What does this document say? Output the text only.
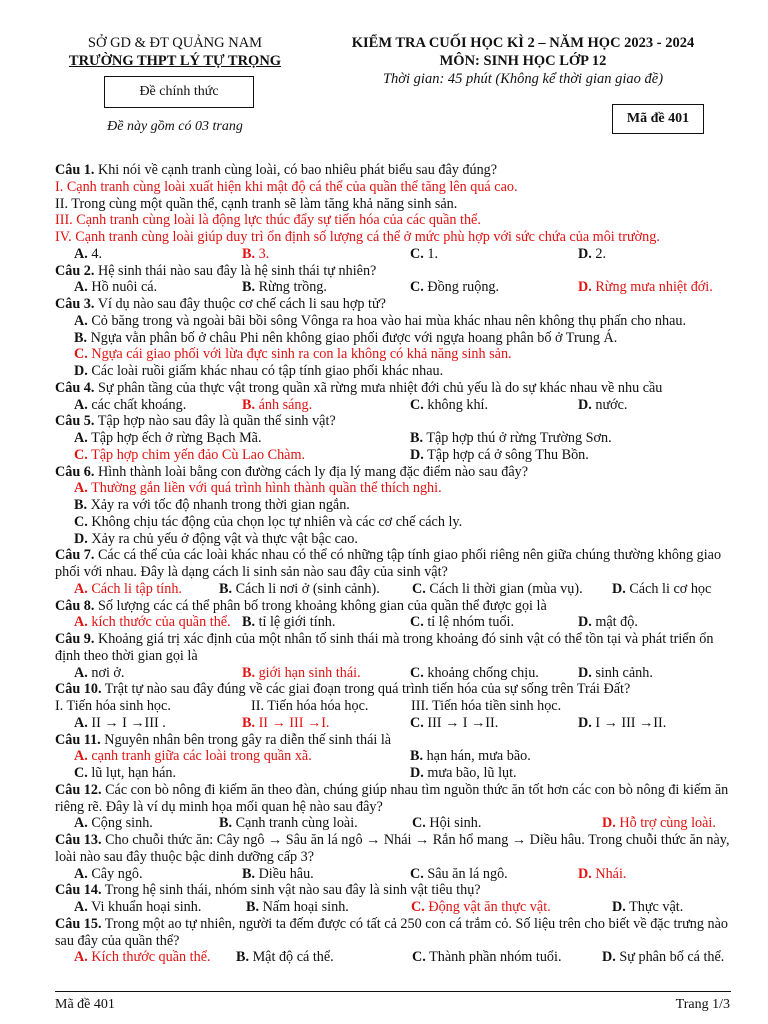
SỞ GD & ĐT QUẢNG NAM
TRƯỜNG THPT LÝ TỰ TRỌNG
Đề chính thức
Đề này gồm có 03 trang
KIỂM TRA CUỐI HỌC KÌ 2 – NĂM HỌC 2023 - 2024
MÔN: SINH HỌC LỚP 12
Thời gian: 45 phút (Không kể thời gian giao đề)
Mã đề 401
Câu 1. Khi nói về cạnh tranh cùng loài, có bao nhiêu phát biểu sau đây đúng?
I. Cạnh tranh cùng loài xuất hiện khi mật độ cá thể của quần thể tăng lên quá cao.
II. Trong cùng một quần thể, cạnh tranh sẽ làm tăng khả năng sinh sản.
III. Cạnh tranh cùng loài là động lực thúc đẩy sự tiến hóa của các quần thể.
IV. Cạnh tranh cùng loài giúp duy trì ổn định số lượng cá thể ở mức phù hợp với sức chứa của môi trường.
A. 4.	B. 3.	C. 1.	D. 2.
Câu 2. Hệ sinh thái nào sau đây là hệ sinh thái tự nhiên?
A. Hồ nuôi cá.	B. Rừng trồng.	C. Đồng ruộng.	D. Rừng mưa nhiệt đới.
Câu 3. Ví dụ nào sau đây thuộc cơ chế cách li sau hợp tử?
A. Cỏ băng trong và ngoài bãi bồi sông Vônga ra hoa vào hai mùa khác nhau nên không thụ phấn cho nhau.
B. Ngựa vằn phân bố ở châu Phi nên không giao phối được với ngựa hoang phân bố ở Trung Á.
C. Ngựa cái giao phối với lừa đực sinh ra con la không có khả năng sinh sản.
D. Các loài ruồi giấm khác nhau có tập tính giao phối khác nhau.
Câu 4. Sự phân tầng của thực vật trong quần xã rừng mưa nhiệt đới chủ yếu là do sự khác nhau về nhu cầu
A. các chất khoáng.	B. ánh sáng.	C. không khí.	D. nước.
Câu 5. Tập hợp nào sau đây là quần thể sinh vật?
A. Tập hợp ếch ở rừng Bạch Mã.	B. Tập hợp thú ở rừng Trường Sơn.
C. Tập hợp chim yến đảo Cù Lao Chàm.	D. Tập hợp cá ở sông Thu Bồn.
Câu 6. Hình thành loài bằng con đường cách ly địa lý mang đặc điểm nào sau đây?
A. Thường gắn liền với quá trình hình thành quần thể thích nghi.
B. Xảy ra với tốc độ nhanh trong thời gian ngắn.
C. Không chịu tác động của chọn lọc tự nhiên và các cơ chế cách ly.
D. Xảy ra chủ yếu ở động vật và thực vật bậc cao.
Câu 7. Các cá thể của các loài khác nhau có thể có những tập tính giao phối riêng nên giữa chúng thường không giao phối với nhau. Đây là dạng cách li sinh sản nào sau đây của sinh vật?
A. Cách li tập tính.	B. Cách li nơi ở (sinh cảnh).	C. Cách li thời gian (mùa vụ).	D. Cách li cơ học
Câu 8. Số lượng các cá thể phân bố trong khoảng không gian của quần thể được gọi là
A. kích thước của quần thể. B. tỉ lệ giới tính.	C. tỉ lệ nhóm tuổi.	D. mật độ.
Câu 9. Khoảng giá trị xác định của một nhân tố sinh thái mà trong khoảng đó sinh vật có thể tồn tại và phát triển ổn định theo thời gian gọi là
A. nơi ở.	B. giới hạn sinh thái.	C. khoảng chống chịu.	D. sinh cảnh.
Câu 10. Trật tự nào sau đây đúng về các giai đoạn trong quá trình tiến hóa của sự sống trên Trái Đất?
I. Tiến hóa sinh học.	II. Tiến hóa hóa học.	III. Tiến hóa tiền sinh học.
A. II → I →III .	B. II → III →I.	C. III → I →II.	D. I → III →II.
Câu 11. Nguyên nhân bên trong gây ra diễn thế sinh thái là
A. cạnh tranh giữa các loài trong quần xã.	B. hạn hán, mưa bão.
C. lũ lụt, hạn hán.	D. mưa bão, lũ lụt.
Câu 12. Các con bò nông đi kiếm ăn theo đàn, chúng giúp nhau tìm nguồn thức ăn tốt hơn các con bò nông đi kiếm ăn riêng rẽ. Đây là ví dụ minh họa mối quan hệ nào sau đây?
A. Cộng sinh.	B. Cạnh tranh cùng loài.	C. Hội sinh.	D. Hỗ trợ cùng loài.
Câu 13. Cho chuỗi thức ăn: Cây ngô → Sâu ăn lá ngô → Nhái → Rắn hổ mang → Diều hâu. Trong chuỗi thức ăn này, loài nào sau đây thuộc bậc dinh dưỡng cấp 3?
A. Cây ngô.	B. Diều hâu.	C. Sâu ăn lá ngô.	D. Nhái.
Câu 14. Trong hệ sinh thái, nhóm sinh vật nào sau đây là sinh vật tiêu thụ?
A. Vi khuẩn hoại sinh.	B. Nấm hoại sinh.	C. Động vật ăn thực vật.	D. Thực vật.
Câu 15. Trong một ao tự nhiên, người ta đếm được có tất cả 250 con cá trắm cỏ. Số liệu trên cho biết về đặc trưng nào sau đây của quần thể?
A. Kích thước quần thể.	B. Mật độ cá thể.	C. Thành phần nhóm tuổi.	D. Sự phân bố cá thể.
Mã đề 401	Trang 1/3
